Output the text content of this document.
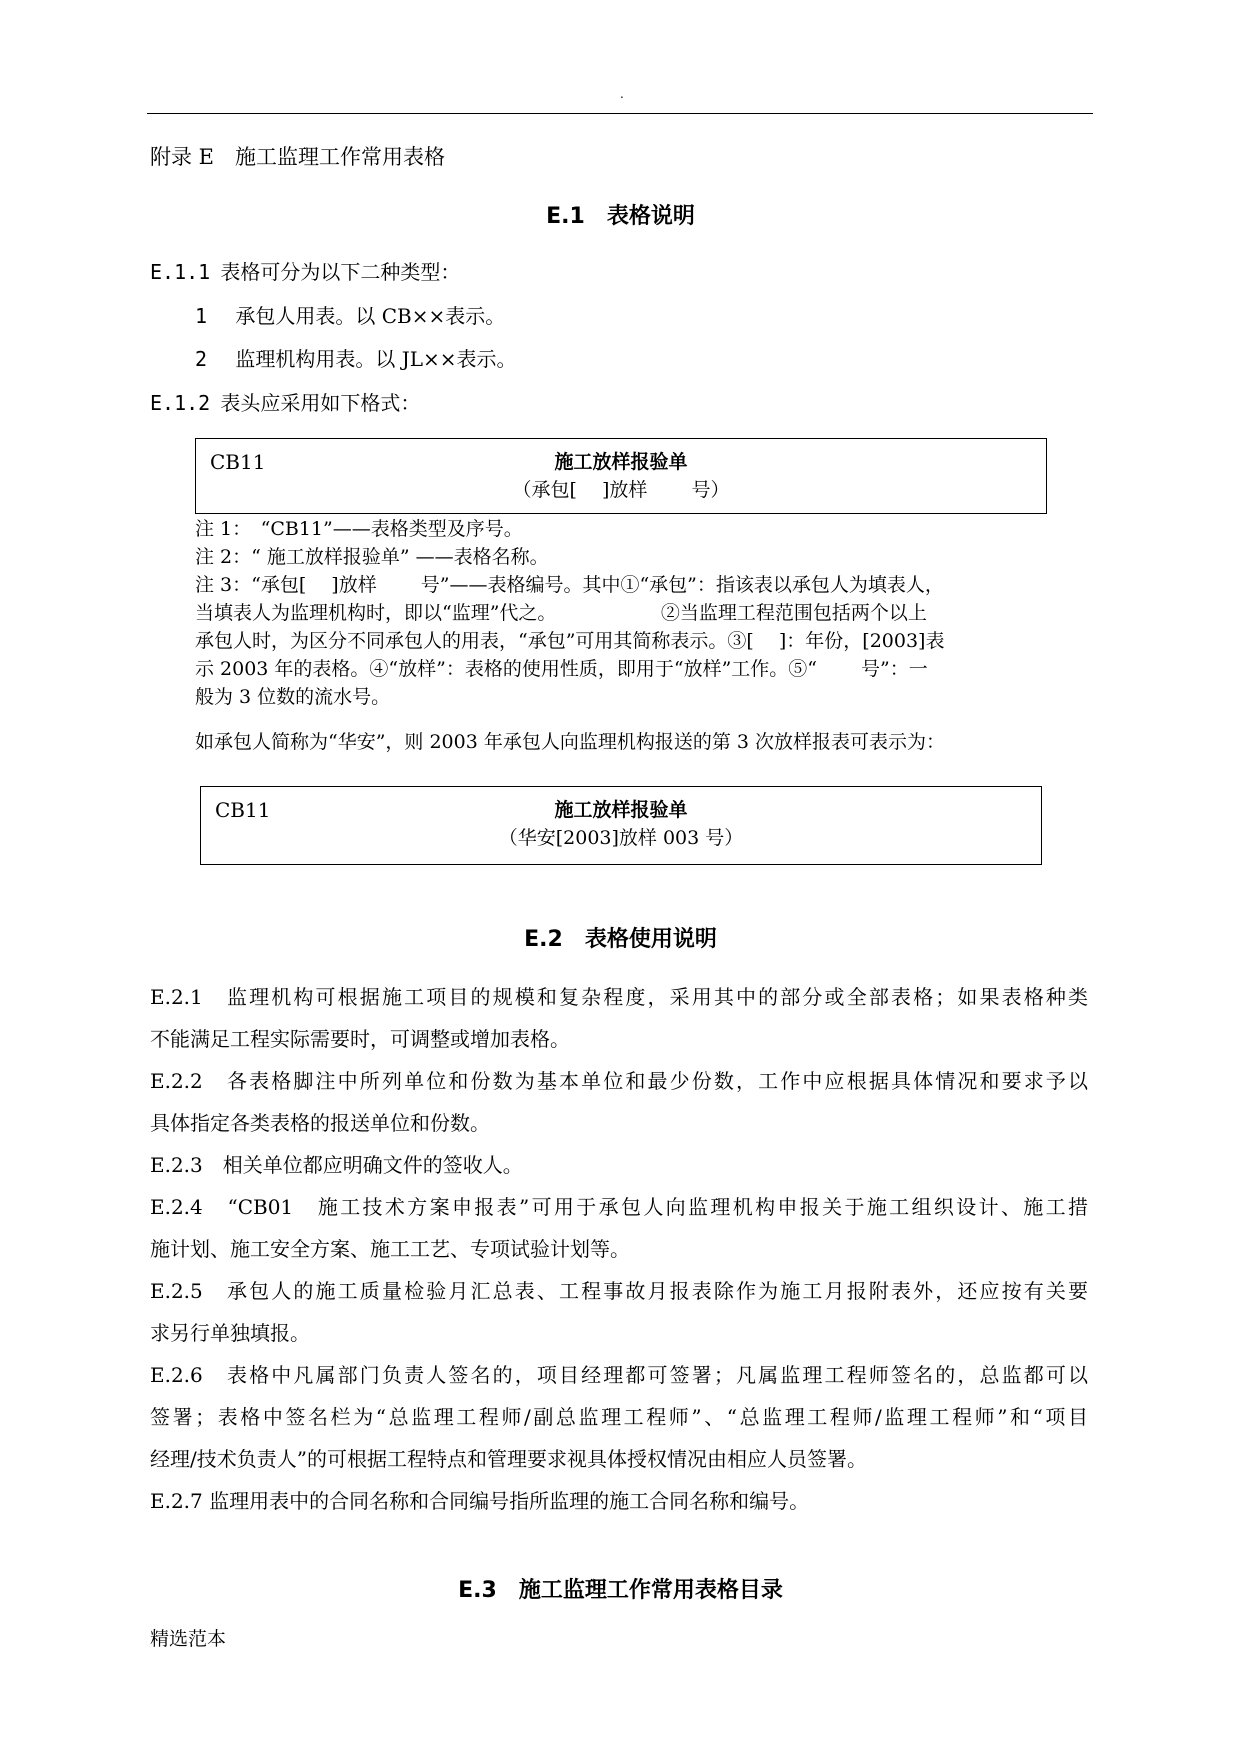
.
附录 E　施工监理工作常用表格
E.1　表格说明
E.1.1 表格可分为以下二种类型：
1 承包人用表。以 CB××表示。
2 监理机构用表。以 JL××表示。
E.1.2 表头应采用如下格式：
CB11	施工放样报验单
（承包[　 ]放样　　 号）
注 1：　“CB11”——表格类型及序号。
注 2：“ 施工放样报验单” ——表格名称。
注 3：“承包[　 ]放样　　 号”——表格编号。其中①“承包”：指该表以承包人为填表人，
当填表人为监理机构时，即以“监理”代之。　　　　　　②当监理工程范围包括两个以上
承包人时，为区分不同承包人的用表，“承包”可用其简称表示。③[　 ]：年份，[2003]表
示 2003 年的表格。④“放样”：表格的使用性质，即用于“放样”工作。⑤“　　 号”：一
般为 3 位数的流水号。
如承包人简称为“华安”，则 2003 年承包人向监理机构报送的第 3 次放样报表可表示为：
CB11	施工放样报验单
（华安[2003]放样 003 号）
E.2　表格使用说明
E.2.1　监理机构可根据施工项目的规模和复杂程度，采用其中的部分或全部表格；如果表格种类
不能满足工程实际需要时，可调整或增加表格。
E.2.2　各表格脚注中所列单位和份数为基本单位和最少份数，工作中应根据具体情况和要求予以
具体指定各类表格的报送单位和份数。
E.2.3　相关单位都应明确文件的签收人。
E.2.4　“CB01　施工技术方案申报表”可用于承包人向监理机构申报关于施工组织设计、施工措
施计划、施工安全方案、施工工艺、专项试验计划等。
E.2.5　承包人的施工质量检验月汇总表、工程事故月报表除作为施工月报附表外，还应按有关要
求另行单独填报。
E.2.6　表格中凡属部门负责人签名的，项目经理都可签署；凡属监理工程师签名的，总监都可以
签署；表格中签名栏为“总监理工程师/副总监理工程师”、“总监理工程师/监理工程师”和“项目
经理/技术负责人”的可根据工程特点和管理要求视具体授权情况由相应人员签署。
E.2.7 监理用表中的合同名称和合同编号指所监理的施工合同名称和编号。
E.3　施工监理工作常用表格目录
精选范本
